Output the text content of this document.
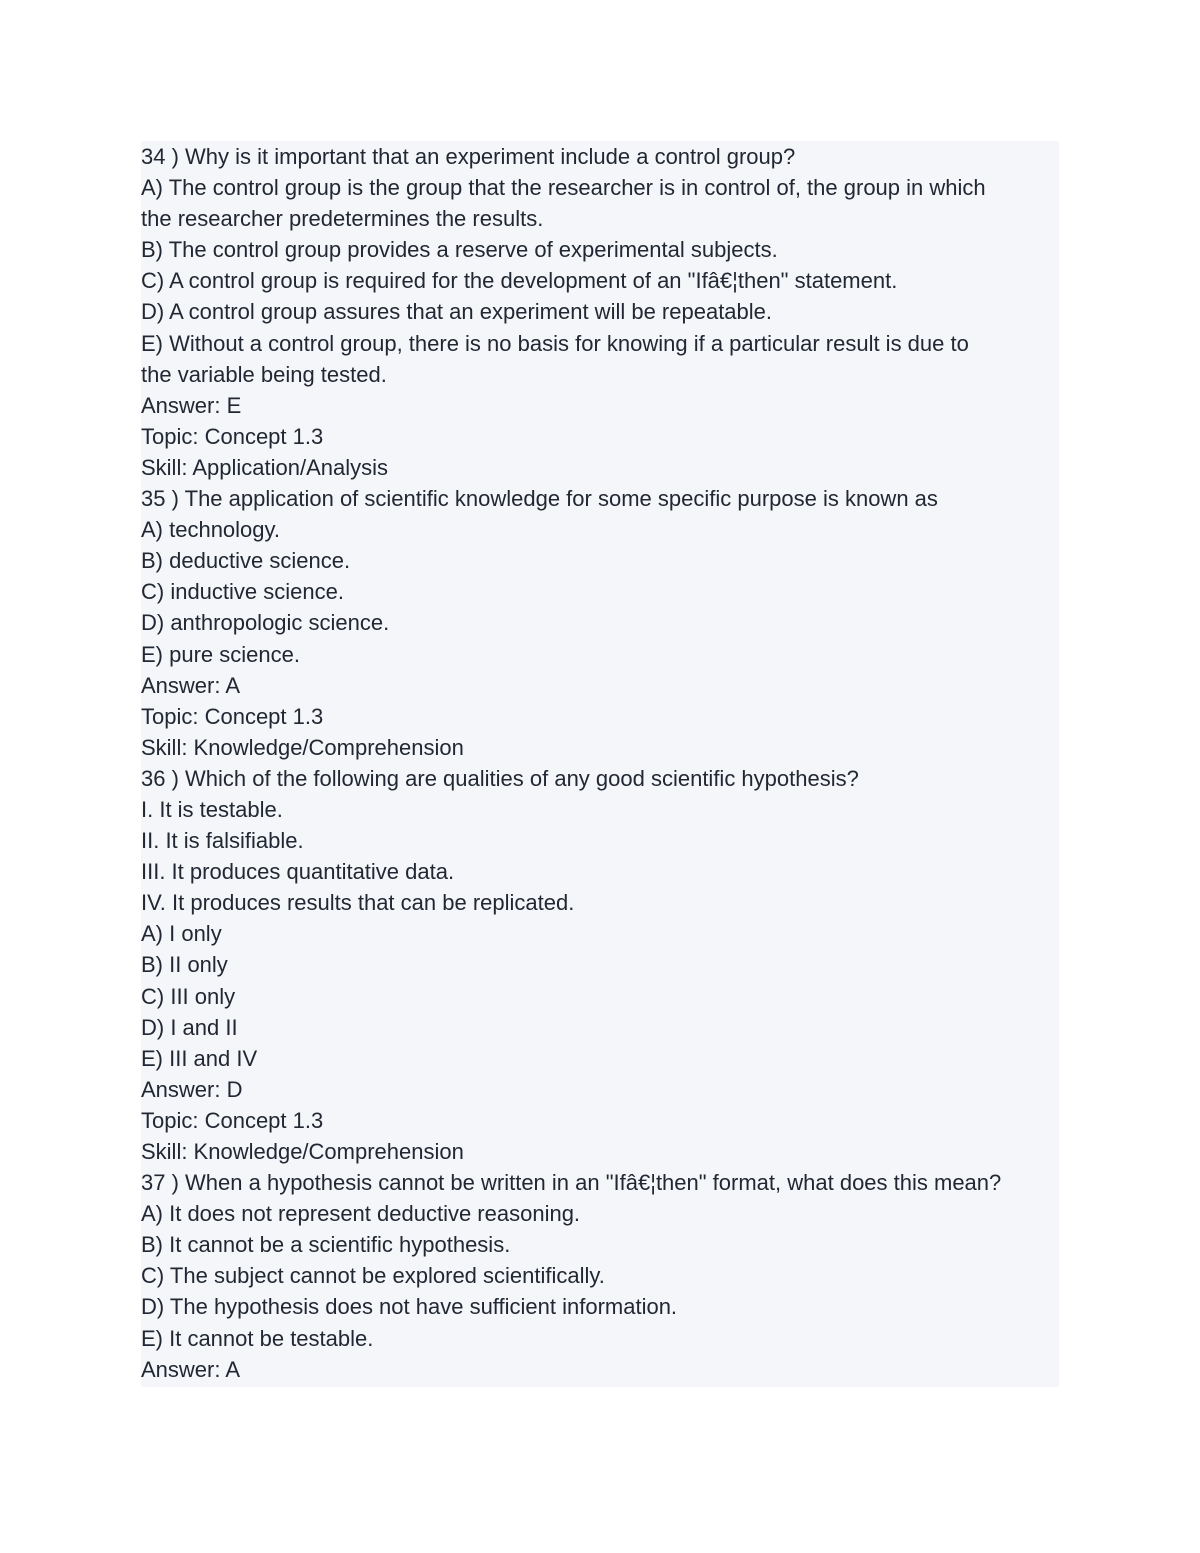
34 ) Why is it important that an experiment include a control group?
A) The control group is the group that the researcher is in control of, the group in which
the researcher predetermines the results.
B) The control group provides a reserve of experimental subjects.
C) A control group is required for the development of an "Ifâ€¦then" statement.
D) A control group assures that an experiment will be repeatable.
E) Without a control group, there is no basis for knowing if a particular result is due to
the variable being tested.
Answer: E
Topic: Concept 1.3
Skill: Application/Analysis
35 ) The application of scientific knowledge for some specific purpose is known as
A) technology.
B) deductive science.
C) inductive science.
D) anthropologic science.
E) pure science.
Answer: A
Topic: Concept 1.3
Skill: Knowledge/Comprehension
36 ) Which of the following are qualities of any good scientific hypothesis?
I. It is testable.
II. It is falsifiable.
III. It produces quantitative data.
IV. It produces results that can be replicated.
A) I only
B) II only
C) III only
D) I and II
E) III and IV
Answer: D
Topic: Concept 1.3
Skill: Knowledge/Comprehension
37 ) When a hypothesis cannot be written in an "Ifâ€¦then" format, what does this mean?
A) It does not represent deductive reasoning.
B) It cannot be a scientific hypothesis.
C) The subject cannot be explored scientifically.
D) The hypothesis does not have sufficient information.
E) It cannot be testable.
Answer: A
